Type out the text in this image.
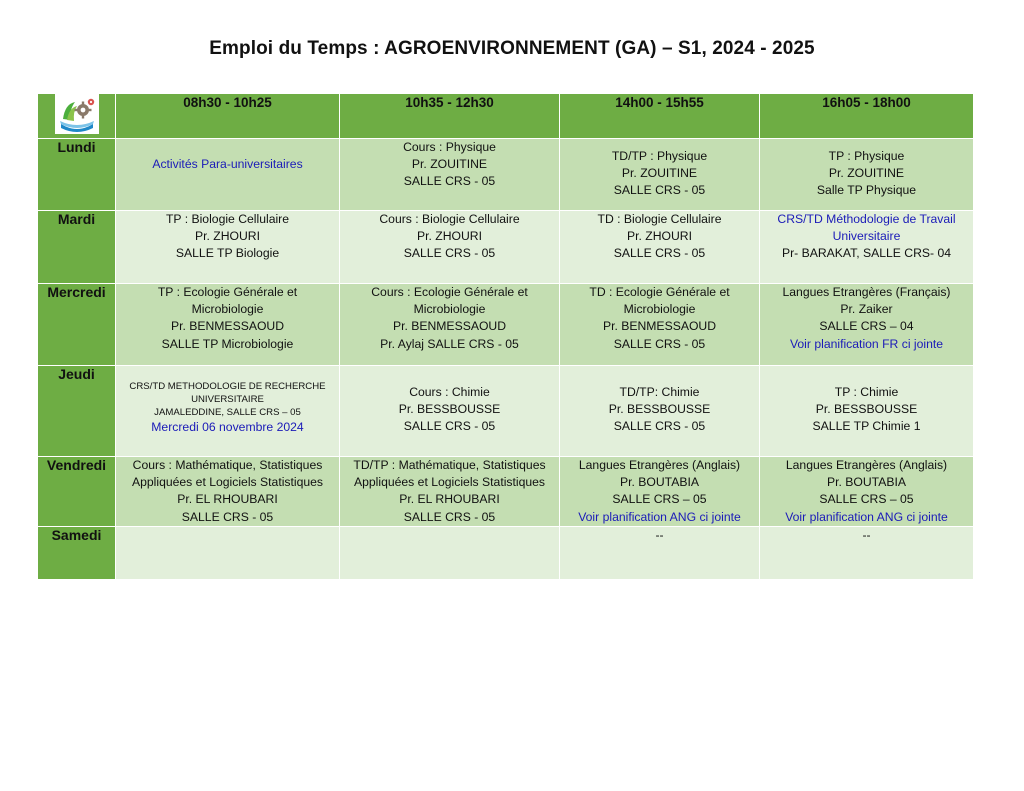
Emploi du Temps : AGROENVIRONNEMENT (GA) – S1, 2024 - 2025
	08h30 - 10h25	10h35 - 12h30	14h00 - 15h55	16h05 - 18h00
Lundi	Activités Para-universitaires	Cours : Physique
Pr. ZOUITINE
SALLE CRS - 05	TD/TP : Physique
Pr. ZOUITINE
SALLE CRS - 05	TP : Physique
Pr. ZOUITINE
Salle TP Physique

Mardi	TP : Biologie Cellulaire
Pr. ZHOURI
SALLE TP Biologie	Cours : Biologie Cellulaire
Pr. ZHOURI
SALLE CRS - 05	TD : Biologie Cellulaire
Pr. ZHOURI
SALLE CRS - 05	CRS/TD Méthodologie de Travail
Universitaire
Pr- BARAKAT, SALLE CRS- 04

Mercredi	TP : Ecologie Générale et
Microbiologie
Pr. BENMESSAOUD
SALLE TP Microbiologie	Cours : Ecologie Générale et
Microbiologie
Pr. BENMESSAOUD
Pr. Aylaj SALLE CRS - 05	TD : Ecologie Générale et
Microbiologie
Pr. BENMESSAOUD
SALLE CRS - 05	Langues Etrangères (Français)
Pr. Zaiker
SALLE CRS – 04
Voir planification FR ci jointe

Jeudi	CRS/TD METHODOLOGIE DE RECHERCHE
UNIVERSITAIRE
JAMALEDDINE, SALLE CRS – 05
Mercredi 06 novembre 2024	Cours : Chimie
Pr. BESSBOUSSE
SALLE CRS - 05	TD/TP: Chimie
Pr. BESSBOUSSE
SALLE CRS - 05	TP : Chimie
Pr. BESSBOUSSE
SALLE TP Chimie 1

Vendredi	Cours : Mathématique, Statistiques
Appliquées et Logiciels Statistiques
Pr. EL RHOUBARI
SALLE CRS - 05	TD/TP : Mathématique, Statistiques
Appliquées et Logiciels Statistiques
Pr. EL RHOUBARI
SALLE CRS - 05	Langues Etrangères (Anglais)
Pr. BOUTABIA
SALLE CRS – 05
Voir planification ANG ci jointe	Langues Etrangères (Anglais)
Pr. BOUTABIA
SALLE CRS – 05
Voir planification ANG ci jointe

Samedi			--	--
